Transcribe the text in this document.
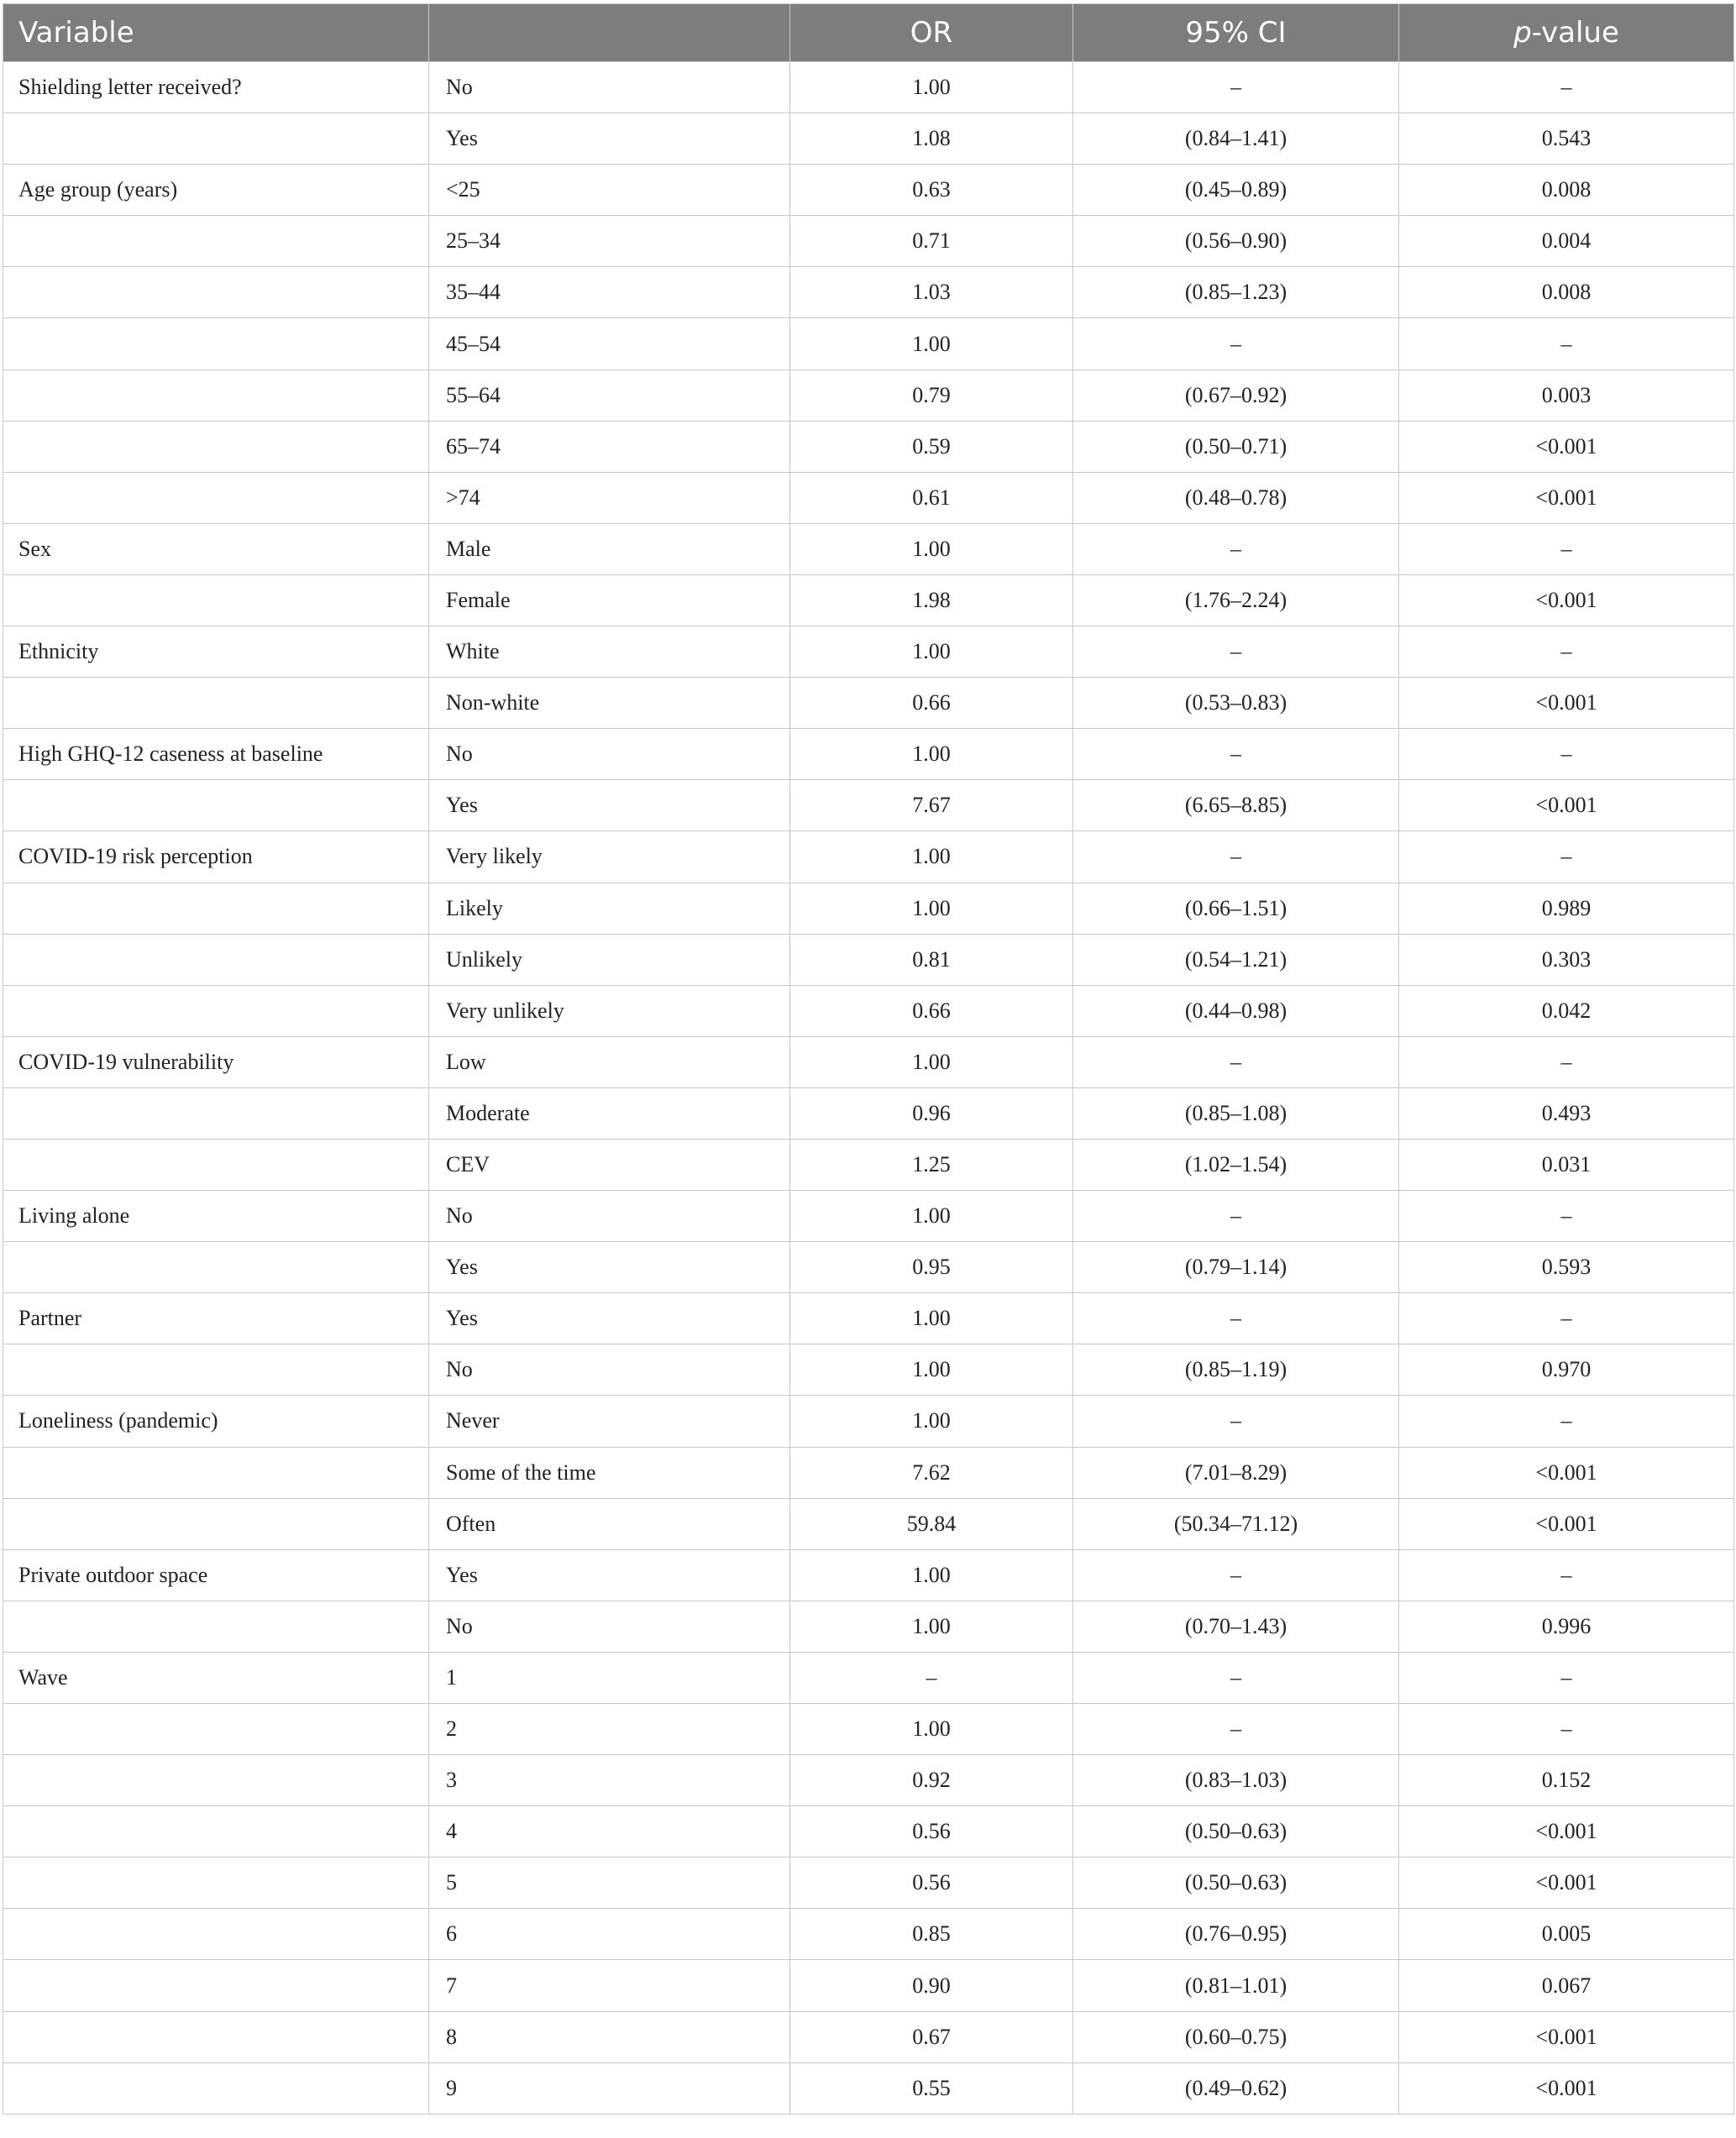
Variable		OR	95% CI	p-value
Shielding letter received?	No	1.00	–	–
	Yes	1.08	(0.84–1.41)	0.543
Age group (years)	<25	0.63	(0.45–0.89)	0.008
	25–34	0.71	(0.56–0.90)	0.004
	35–44	1.03	(0.85–1.23)	0.008
	45–54	1.00	–	–
	55–64	0.79	(0.67–0.92)	0.003
	65–74	0.59	(0.50–0.71)	<0.001
	>74	0.61	(0.48–0.78)	<0.001
Sex	Male	1.00	–	–
	Female	1.98	(1.76–2.24)	<0.001
Ethnicity	White	1.00	–	–
	Non-white	0.66	(0.53–0.83)	<0.001
High GHQ-12 caseness at baseline	No	1.00	–	–
	Yes	7.67	(6.65–8.85)	<0.001
COVID-19 risk perception	Very likely	1.00	–	–
	Likely	1.00	(0.66–1.51)	0.989
	Unlikely	0.81	(0.54–1.21)	0.303
	Very unlikely	0.66	(0.44–0.98)	0.042
COVID-19 vulnerability	Low	1.00	–	–
	Moderate	0.96	(0.85–1.08)	0.493
	CEV	1.25	(1.02–1.54)	0.031
Living alone	No	1.00	–	–
	Yes	0.95	(0.79–1.14)	0.593
Partner	Yes	1.00	–	–
	No	1.00	(0.85–1.19)	0.970
Loneliness (pandemic)	Never	1.00	–	–
	Some of the time	7.62	(7.01–8.29)	<0.001
	Often	59.84	(50.34–71.12)	<0.001
Private outdoor space	Yes	1.00	–	–
	No	1.00	(0.70–1.43)	0.996
Wave	1	–	–	–
	2	1.00	–	–
	3	0.92	(0.83–1.03)	0.152
	4	0.56	(0.50–0.63)	<0.001
	5	0.56	(0.50–0.63)	<0.001
	6	0.85	(0.76–0.95)	0.005
	7	0.90	(0.81–1.01)	0.067
	8	0.67	(0.60–0.75)	<0.001
	9	0.55	(0.49–0.62)	<0.001
